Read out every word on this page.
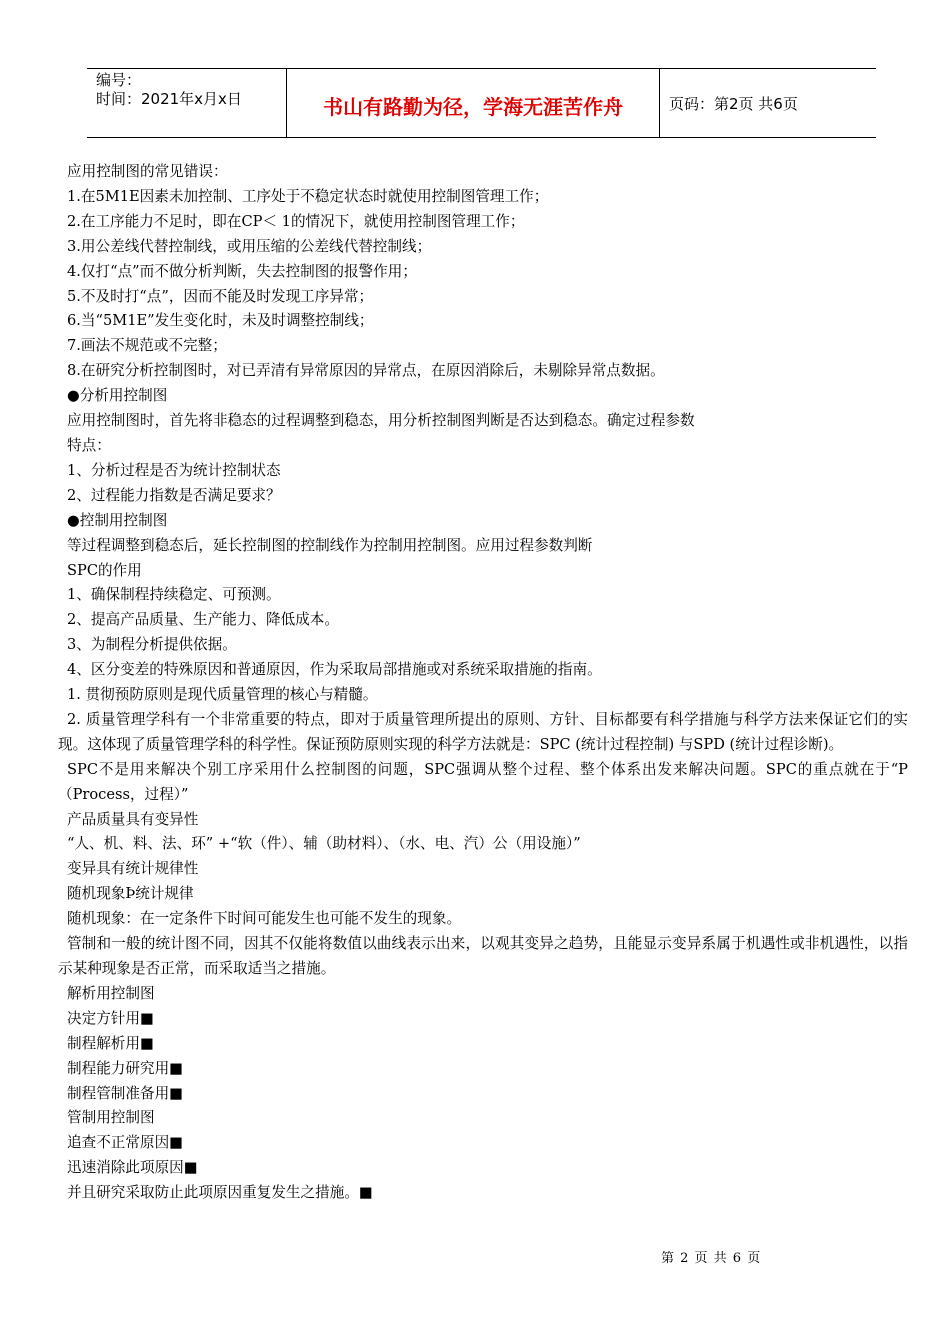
编号：
时间：2021年x月x日	书山有路勤为径，学海无涯苦作舟	页码：第2页 共6页
应用控制图的常见错误：
1.在5M1E因素未加控制、工序处于不稳定状态时就使用控制图管理工作；
2.在工序能力不足时，即在CP＜ 1的情况下，就使用控制图管理工作；
3.用公差线代替控制线，或用压缩的公差线代替控制线；
4.仅打“点”而不做分析判断，失去控制图的报警作用；
5.不及时打“点”，因而不能及时发现工序异常；
6.当“5M1E”发生变化时，未及时调整控制线；
7.画法不规范或不完整；
8.在研究分析控制图时，对已弄清有异常原因的异常点，在原因消除后，未剔除异常点数据。
●分析用控制图
应用控制图时，首先将非稳态的过程调整到稳态，用分析控制图判断是否达到稳态。确定过程参数
特点：
1、分析过程是否为统计控制状态
2、过程能力指数是否满足要求？
●控制用控制图
等过程调整到稳态后，延长控制图的控制线作为控制用控制图。应用过程参数判断
SPC的作用
1、确保制程持续稳定、可预测。
2、提高产品质量、生产能力、降低成本。
3、为制程分析提供依据。
4、区分变差的特殊原因和普通原因，作为采取局部措施或对系统采取措施的指南。
1. 贯彻预防原则是现代质量管理的核心与精髓。
2. 质量管理学科有一个非常重要的特点，即对于质量管理所提出的原则、方针、目标都要有科学措施与科学方法来保证它们的实现。这体现了质量管理学科的科学性。保证预防原则实现的科学方法就是：SPC (统计过程控制) 与SPD (统计过程诊断)。
SPC不是用来解决个别工序采用什么控制图的问题，SPC强调从整个过程、整个体系出发来解决问题。SPC的重点就在于“P（Process，过程）”
产品质量具有变异性
“人、机、料、法、环” +“软（件）、辅（助材料）、（水、电、汽）公（用设施）”
变异具有统计规律性
随机现象Þ统计规律
随机现象：在一定条件下时间可能发生也可能不发生的现象。
管制和一般的统计图不同，因其不仅能将数值以曲线表示出来，以观其变异之趋势，且能显示变异系属于机遇性或非机遇性，以指示某种现象是否正常，而采取适当之措施。
解析用控制图
决定方针用■
制程解析用■
制程能力研究用■
制程管制准备用■
管制用控制图
追查不正常原因■
迅速消除此项原因■
并且研究采取防止此项原因重复发生之措施。■
第 2 页 共 6 页
